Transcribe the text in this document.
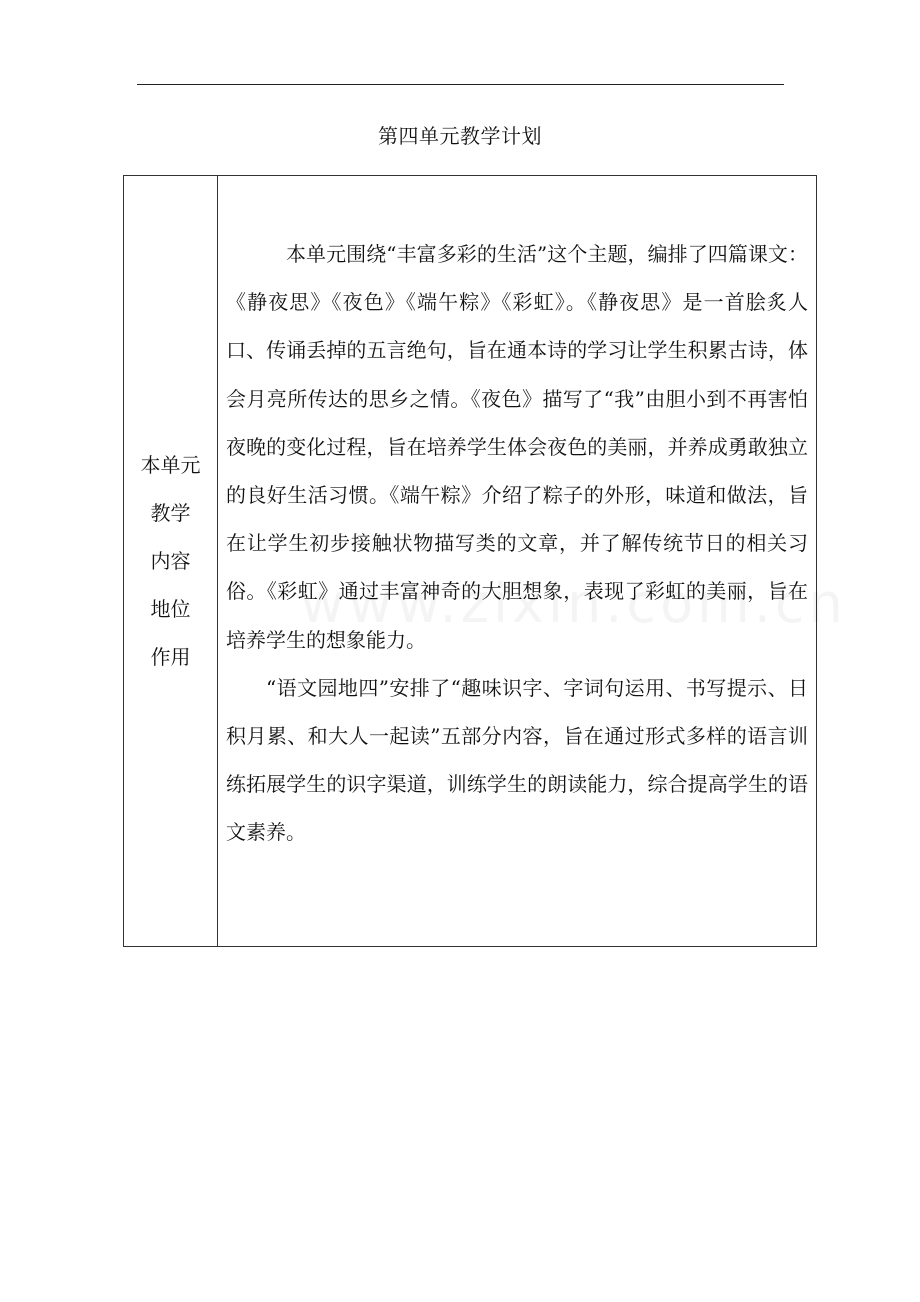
第四单元教学计划
本单元
教学
内容
地位
作用

本单元围绕“丰富多彩的生活”这个主题，编排了四篇课文：《静夜思》《夜色》《端午粽》《彩虹》。《静夜思》是一首脍炙人口、传诵丢掉的五言绝句，旨在通本诗的学习让学生积累古诗，体会月亮所传达的思乡之情。《夜色》描写了“我”由胆小到不再害怕夜晚的变化过程，旨在培养学生体会夜色的美丽，并养成勇敢独立的良好生活习惯。《端午粽》介绍了粽子的外形，味道和做法，旨在让学生初步接触状物描写类的文章，并了解传统节日的相关习俗。《彩虹》通过丰富神奇的大胆想象，表现了彩虹的美丽，旨在培养学生的想象能力。

“语文园地四”安排了“趣味识字、字词句运用、书写提示、日积月累、和大人一起读”五部分内容，旨在通过形式多样的语言训练拓展学生的识字渠道，训练学生的朗读能力，综合提高学生的语文素养。
